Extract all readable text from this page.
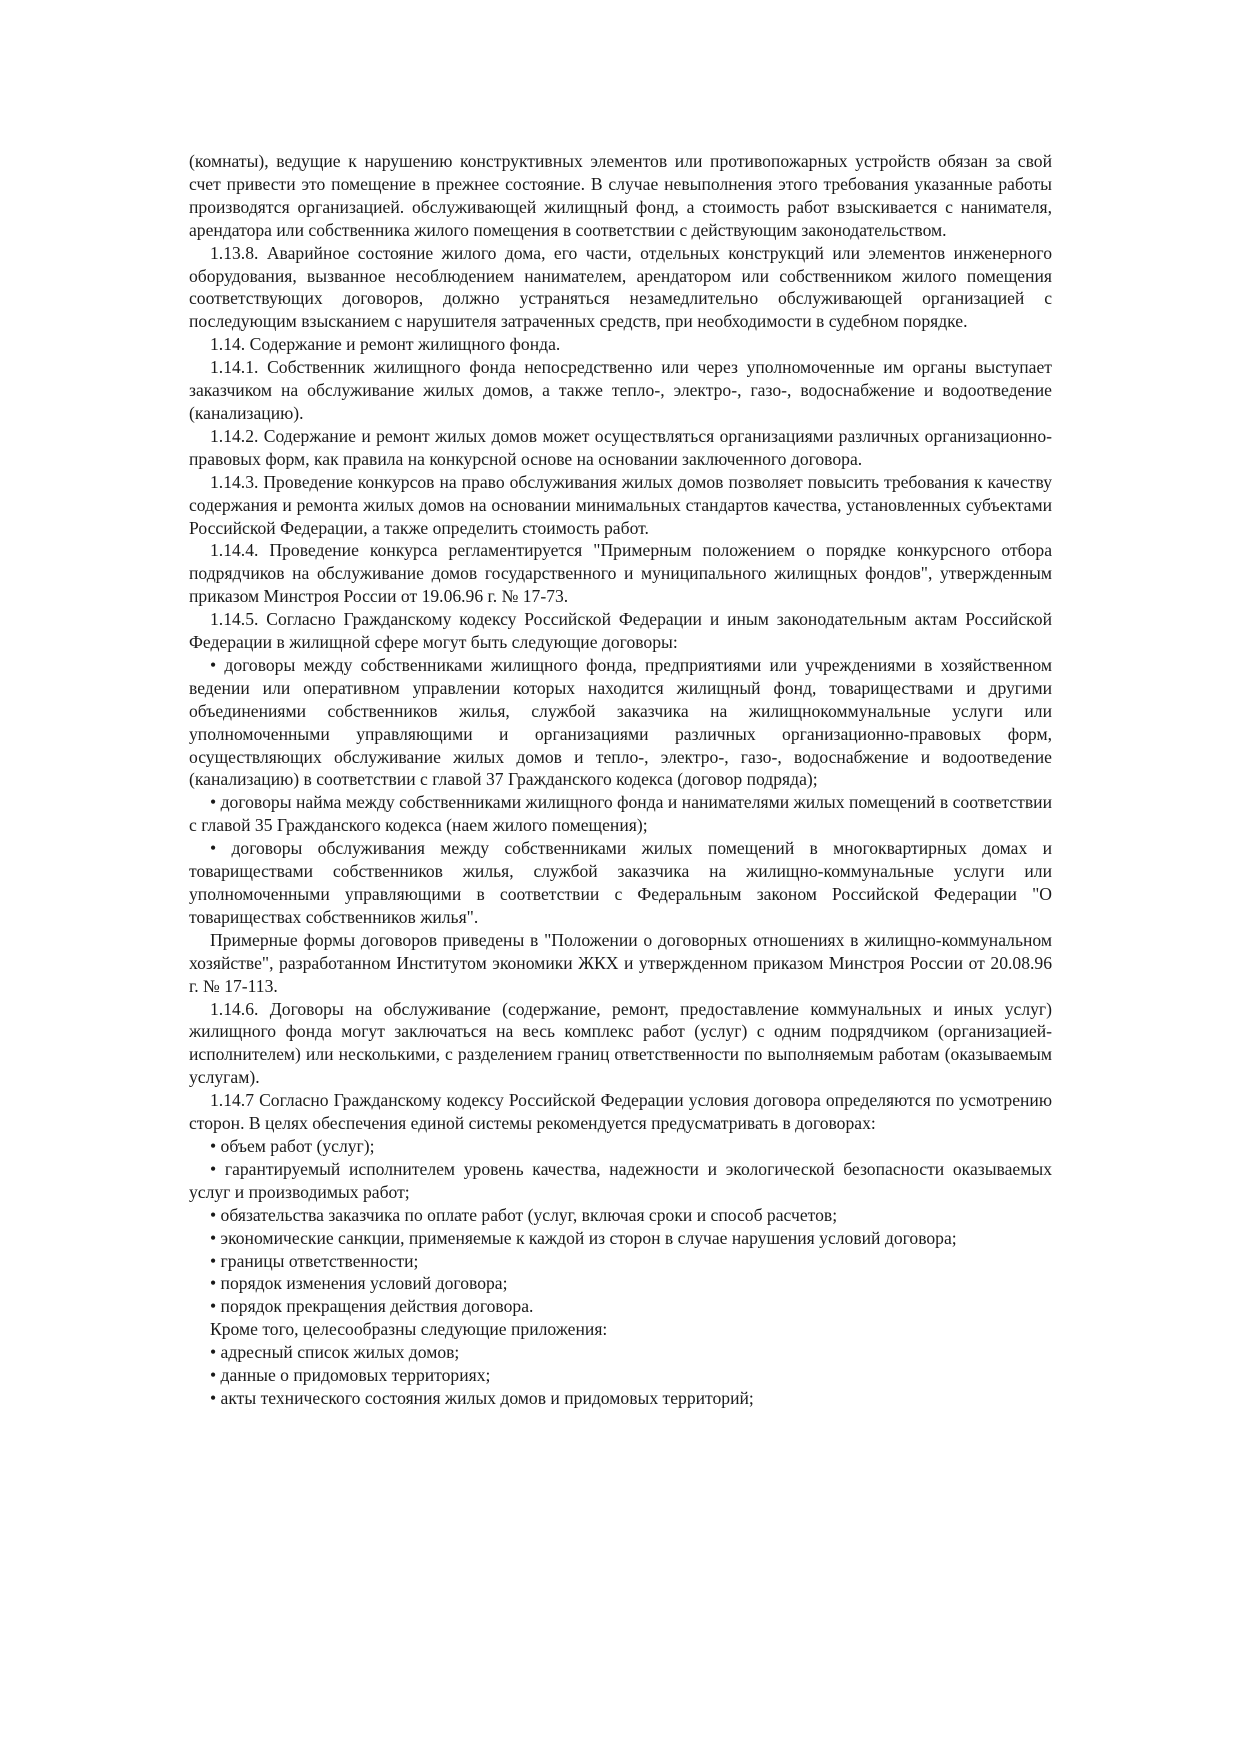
(комнаты), ведущие к нарушению конструктивных элементов или противопожарных устройств обязан за свой счет привести это помещение в прежнее состояние. В случае невыполнения этого требования указанные работы производятся организацией. обслуживающей жилищный фонд, а стоимость работ взыскивается с нанимателя, арендатора или собственника жилого помещения в соответствии с действующим законодательством.

1.13.8. Аварийное состояние жилого дома, его части, отдельных конструкций или элементов инженерного оборудования, вызванное несоблюдением нанимателем, арендатором или собственником жилого помещения соответствующих договоров, должно устраняться незамедлительно обслуживающей организацией с последующим взысканием с нарушителя затраченных средств, при необходимости в судебном порядке.

1.14. Содержание и ремонт жилищного фонда.

1.14.1. Собственник жилищного фонда непосредственно или через уполномоченные им органы выступает заказчиком на обслуживание жилых домов, а также тепло-, электро-, газо-, водоснабжение и водоотведение (канализацию).

1.14.2. Содержание и ремонт жилых домов может осуществляться организациями различных организационно-правовых форм, как правила на конкурсной основе на основании заключенного договора.

1.14.3. Проведение конкурсов на право обслуживания жилых домов позволяет повысить требования к качеству содержания и ремонта жилых домов на основании минимальных стандартов качества, установленных субъектами Российской Федерации, а также определить стоимость работ.

1.14.4. Проведение конкурса регламентируется "Примерным положением о порядке конкурсного отбора подрядчиков на обслуживание домов государственного и муниципального жилищных фондов", утвержденным приказом Минстроя России от 19.06.96 г. № 17-73.

1.14.5. Согласно Гражданскому кодексу Российской Федерации и иным законодательным актам Российской Федерации в жилищной сфере могут быть следующие договоры:

• договоры между собственниками жилищного фонда, предприятиями или учреждениями в хозяйственном ведении или оперативном управлении которых находится жилищный фонд, товариществами и другими объединениями собственников жилья, службой заказчика на жилищнокоммунальные услуги или уполномоченными управляющими и организациями различных организационно-правовых форм, осуществляющих обслуживание жилых домов и тепло-, электро-, газо-, водоснабжение и водоотведение (канализацию) в соответствии с главой 37 Гражданского кодекса (договор подряда);

• договоры найма между собственниками жилищного фонда и нанимателями жилых помещений в соответствии с главой 35 Гражданского кодекса (наем жилого помещения);

• договоры обслуживания между собственниками жилых помещений в многоквартирных домах и товариществами собственников жилья, службой заказчика на жилищно-коммунальные услуги или уполномоченными управляющими в соответствии с Федеральным законом Российской Федерации "О товариществах собственников жилья".

Примерные формы договоров приведены в "Положении о договорных отношениях в жилищно-коммунальном хозяйстве", разработанном Институтом экономики ЖКХ и утвержденном приказом Минстроя России от 20.08.96 г. № 17-113.

1.14.6. Договоры на обслуживание (содержание, ремонт, предоставление коммунальных и иных услуг) жилищного фонда могут заключаться на весь комплекс работ (услуг) с одним подрядчиком (организацией-исполнителем) или несколькими, с разделением границ ответственности по выполняемым работам (оказываемым услугам).

1.14.7 Согласно Гражданскому кодексу Российской Федерации условия договора определяются по усмотрению сторон. В целях обеспечения единой системы рекомендуется предусматривать в договорах:

• объем работ (услуг);

• гарантируемый исполнителем уровень качества, надежности и экологической безопасности оказываемых услуг и производимых работ;

• обязательства заказчика по оплате работ (услуг, включая сроки и способ расчетов;

• экономические санкции, применяемые к каждой из сторон в случае нарушения условий договора;

• границы ответственности;

• порядок изменения условий договора;

• порядок прекращения действия договора.

Кроме того, целесообразны следующие приложения:

• адресный список жилых домов;

• данные о придомовых территориях;

• акты технического состояния жилых домов и придомовых территорий;
